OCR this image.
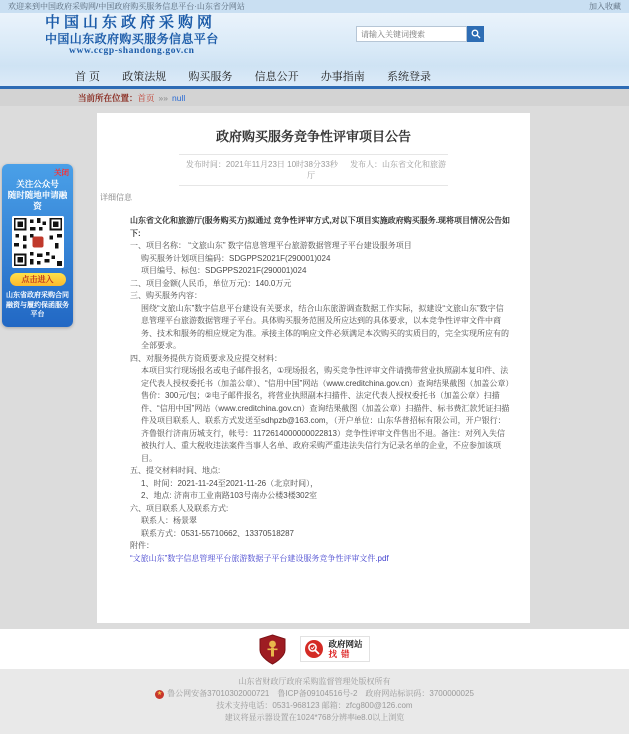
欢迎来到中国政府采购网/中国政府购买服务信息平台·山东省分网站	加入收藏
中国山东政府采购网
中国山东政府购买服务信息平台
www.ccgp-shandong.gov.cn
请输入关键词搜索
首 页 政策法规 购买服务 信息公开 办事指南 系统登录
当前所在位置： 首页 »» null
关闭
关注公众号
随时随地申请融资
点击进入
山东省政府采购合同
融资与履约保函服务平台
政府购买服务竞争性评审项目公告
发布时间：2021年11月23日 10时38分33秒 发布人：山东省文化和旅游厅
详细信息
山东省文化和旅游厅(服务购买方)拟通过 竞争性评审方式,对以下项目实施政府购买服务.现将项目情况公告如下:
一、项目名称： “文旅山东” 数字信息管理平台旅游数据管理子平台建设服务项目
购买服务计划项目编码：SDGPPS2021F(290001)024
项目编号、标包：SDGPPS2021F(290001)024
二、项目金额(人民币，单位万元)：140.0万元
三、购买服务内容：
围绕“文旅山东”数字信息平台建设有关要求，结合山东旅游调查数据工作实际，拟建设“文旅山东”数字信息管理平台旅游数据管理子平台。具体购买服务范围及所应达到的具体要求，以本竞争性评审文件中商务、技术和服务的相应规定为准。承接主体的响应文件必须满足本次购买的实质目的，完全实现所应有的全部要求。
四、对服务提供方资质要求及应提交材料：
本项目实行现场报名或电子邮件报名，①现场报名，购买竞争性评审文件请携带营业执照副本复印件、法定代表人授权委托书（加盖公章）、“信用中国”网站（www.creditchina.gov.cn）查询结果截图（加盖公章）售价：300元/包；②电子邮件报名，将营业执照副本扫描件、法定代表人授权委托书（加盖公章）扫描件、“信用中国”网站（www.creditchina.gov.cn）查询结果截图（加盖公章）扫描件、标书费汇款凭证扫描件及项目联系人、联系方式发送至sdhpzb@163.com，（开户单位：山东华普招标有限公司，开户银行：齐鲁银行济南历城支行，帐号：1172614000000022813）竞争性评审文件售出不退。备注：对列入失信被执行人、重大税收违法案件当事人名单、政府采购严重违法失信行为记录名单的企业，不应参加该项目。
五、提交材料时间、地点:
1、时间：2021-11-24至2021-11-26（北京时间），
2、地点: 济南市工业南路103号南办公楼3楼302室
六、项目联系人及联系方式:
联系人：杨景翠
联系方式：0531-55710662、13370518287
附件：
“文旅山东”数字信息管理平台旅游数据子平台建设服务竞争性评审文件.pdf
政府网站
找错
山东省财政厅政府采购监督管理处版权所有
★ 鲁公网安备37010302000721　鲁ICP备09104516号-2　政府网站标识码：3700000025
技术支持电话：0531-968123 邮箱：zfcg800@126.com
建议将显示器设置在1024*768分辨率ie8.0以上浏览
